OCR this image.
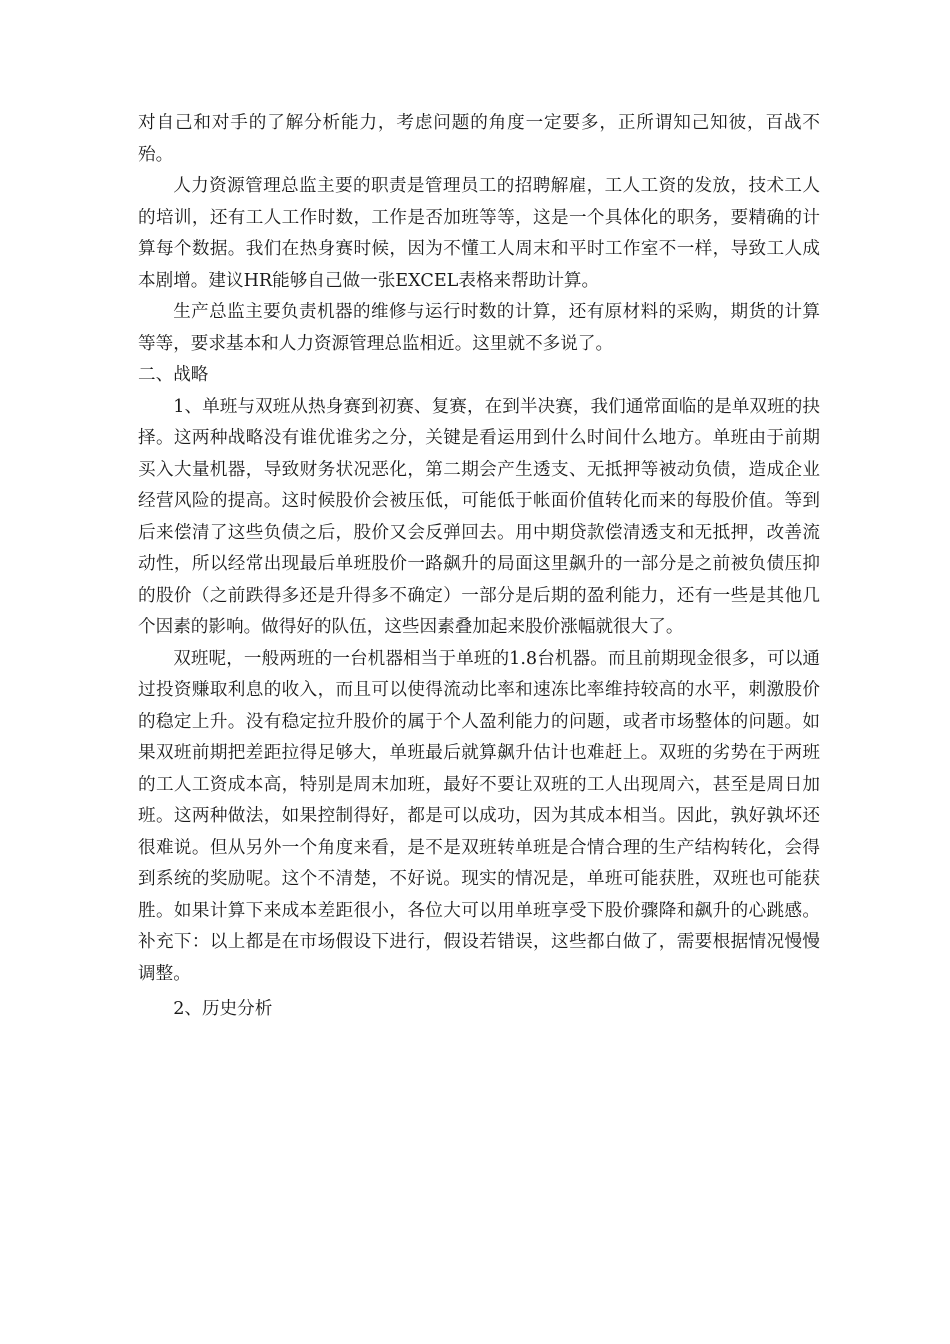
对自己和对手的了解分析能力，考虑问题的角度一定要多，正所谓知己知彼，百战不殆。

人力资源管理总监主要的职责是管理员工的招聘解雇，工人工资的发放，技术工人的培训，还有工人工作时数，工作是否加班等等，这是一个具体化的职务，要精确的计算每个数据。我们在热身赛时候，因为不懂工人周末和平时工作室不一样，导致工人成本剧增。建议HR能够自己做一张EXCEL表格来帮助计算。

生产总监主要负责机器的维修与运行时数的计算，还有原材料的采购，期货的计算等等，要求基本和人力资源管理总监相近。这里就不多说了。

二、战略

1、单班与双班从热身赛到初赛、复赛，在到半决赛，我们通常面临的是单双班的抉择。这两种战略没有谁优谁劣之分，关键是看运用到什么时间什么地方。单班由于前期买入大量机器，导致财务状况恶化，第二期会产生透支、无抵押等被动负债，造成企业经营风险的提高。这时候股价会被压低，可能低于帐面价值转化而来的每股价值。等到后来偿清了这些负债之后，股价又会反弹回去。用中期贷款偿清透支和无抵押，改善流动性，所以经常出现最后单班股价一路飙升的局面这里飙升的一部分是之前被负债压抑的股价（之前跌得多还是升得多不确定）一部分是后期的盈利能力，还有一些是其他几个因素的影响。做得好的队伍，这些因素叠加起来股价涨幅就很大了。

双班呢，一般两班的一台机器相当于单班的1.8台机器。而且前期现金很多，可以通过投资赚取利息的收入，而且可以使得流动比率和速冻比率维持较高的水平，刺激股价的稳定上升。没有稳定拉升股价的属于个人盈利能力的问题，或者市场整体的问题。如果双班前期把差距拉得足够大，单班最后就算飙升估计也难赶上。双班的劣势在于两班的工人工资成本高，特别是周末加班，最好不要让双班的工人出现周六，甚至是周日加班。这两种做法，如果控制得好，都是可以成功，因为其成本相当。因此，孰好孰坏还很难说。但从另外一个角度来看，是不是双班转单班是合情合理的生产结构转化，会得到系统的奖励呢。这个不清楚，不好说。现实的情况是，单班可能获胜，双班也可能获胜。如果计算下来成本差距很小，各位大可以用单班享受下股价骤降和飙升的心跳感。补充下：以上都是在市场假设下进行，假设若错误，这些都白做了，需要根据情况慢慢调整。

2、历史分析
